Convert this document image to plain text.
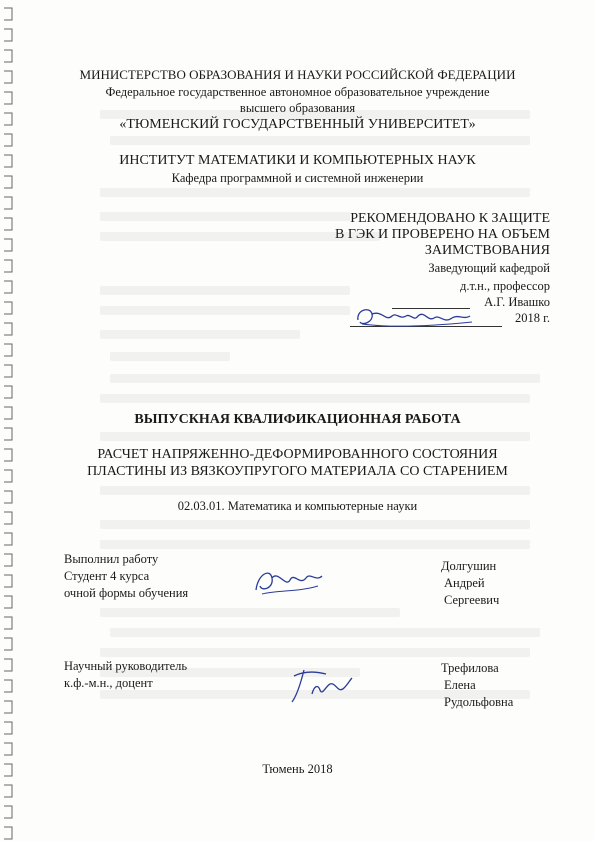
МИНИСТЕРСТВО ОБРАЗОВАНИЯ И НАУКИ РОССИЙСКОЙ ФЕДЕРАЦИИ
Федеральное государственное автономное образовательное учреждение
высшего образования
«ТЮМЕНСКИЙ ГОСУДАРСТВЕННЫЙ УНИВЕРСИТЕТ»
ИНСТИТУТ МАТЕМАТИКИ И КОМПЬЮТЕРНЫХ НАУК
Кафедра программной и системной инженерии
РЕКОМЕНДОВАНО К ЗАЩИТЕ
В ГЭК И ПРОВЕРЕНО НА ОБЪЕМ
ЗАИМСТВОВАНИЯ
Заведующий кафедрой
д.т.н., профессор
А.Г. Ивашко
2018 г.
ВЫПУСКНАЯ КВАЛИФИКАЦИОННАЯ РАБОТА
РАСЧЕТ НАПРЯЖЕННО-ДЕФОРМИРОВАННОГО СОСТОЯНИЯ
ПЛАСТИНЫ ИЗ ВЯЗКОУПРУГОГО МАТЕРИАЛА СО СТАРЕНИЕМ
02.03.01. Математика и компьютерные науки
Выполнил работу
Студент 4 курса
очной формы обучения
Долгушин
Андрей
Сергеевич
Научный руководитель
к.ф.-м.н., доцент
Трефилова
Елена
Рудольфовна
Тюмень 2018
